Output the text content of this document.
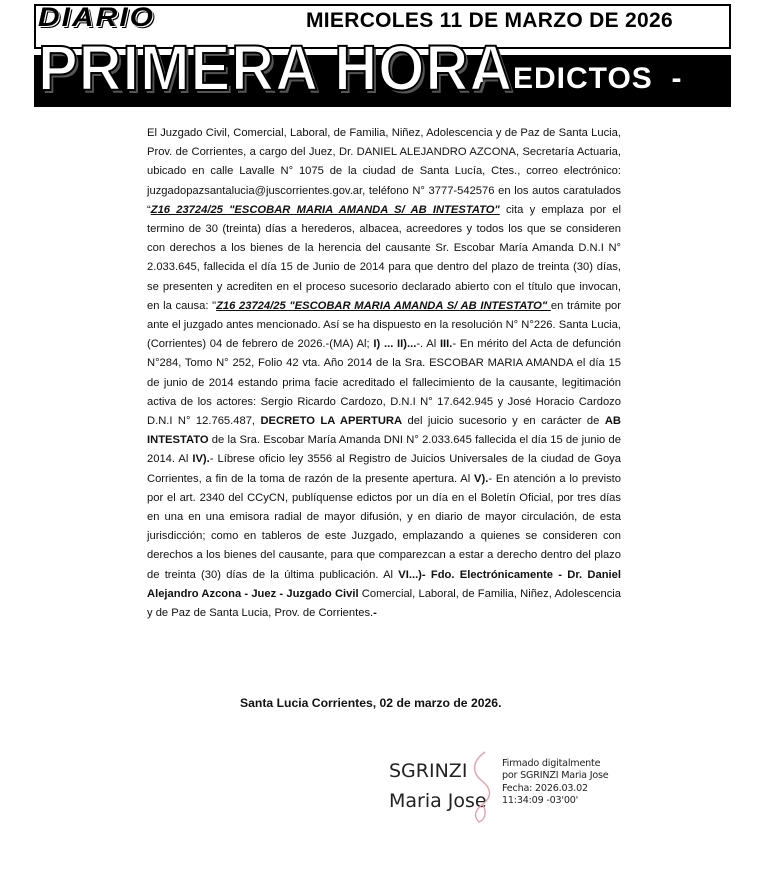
DIARIO
PRIMERA HORA
MIERCOLES 11 DE MARZO DE 2026
-   EDICTOS  -

El Juzgado Civil, Comercial, Laboral, de Familia, Niñez, Adolescencia y de Paz de Santa Lucia, Prov. de Corrientes, a cargo del Juez, Dr. DANIEL ALEJANDRO AZCONA, Secretaría Actuaria, ubicado en calle Lavalle N° 1075 de la ciudad de Santa Lucía, Ctes., correo electrónico: juzgadopazsantalucia@juscorrientes.gov.ar, teléfono N° 3777-542576 en los autos caratulados “Z16 23724/25 "ESCOBAR MARIA AMANDA S/ AB INTESTATO" cita y emplaza por el termino de 30 (treinta) días a herederos, albacea, acreedores y todos los que se consideren con derechos a los bienes de la herencia del causante Sr. Escobar María Amanda D.N.I N° 2.033.645, fallecida el día 15 de Junio de 2014 para que dentro del plazo de treinta (30) días, se presenten y acrediten en el proceso sucesorio declarado abierto con el título que invocan, en la causa: "Z16 23724/25 "ESCOBAR MARIA AMANDA S/ AB INTESTATO" en trámite por ante el juzgado antes mencionado. Así se ha dispuesto en la resolución N° N°226. Santa Lucia, (Corrientes) 04 de febrero de 2026.-(MA) Al; I) ... II)...-. Al III.- En mérito del Acta de defunción N°284, Tomo N° 252, Folio 42 vta. Año 2014 de la Sra. ESCOBAR MARIA AMANDA el día 15 de junio de 2014 estando prima facie acreditado el fallecimiento de la causante, legitimación activa de los actores: Sergio Ricardo Cardozo, D.N.I N° 17.642.945 y José Horacio Cardozo D.N.I N° 12.765.487, DECRETO LA APERTURA del juicio sucesorio y en carácter de AB INTESTATO de la Sra. Escobar María Amanda DNI N° 2.033.645 fallecida el día 15 de junio de 2014. Al IV).- Líbrese oficio ley 3556 al Registro de Juicios Universales de la ciudad de Goya Corrientes, a fin de la toma de razón de la presente apertura. Al V).- En atención a lo previsto por el art. 2340 del CCyCN, publíquense edictos por un día en el Boletín Oficial, por tres días en una en una emisora radial de mayor difusión, y en diario de mayor circulación, de esta jurisdicción; como en tableros de este Juzgado, emplazando a quienes se consideren con derechos a los bienes del causante, para que comparezcan a estar a derecho dentro del plazo de treinta (30) días de la última publicación. Al VI...)- Fdo. Electrónicamente - Dr. Daniel Alejandro Azcona - Juez - Juzgado Civil Comercial, Laboral, de Familia, Niñez, Adolescencia y de Paz de Santa Lucia, Prov. de Corrientes.-

Santa Lucia Corrientes, 02 de marzo de 2026.
SGRINZI
Maria Jose
Firmado digitalmente
por SGRINZI Maria Jose
Fecha: 2026.03.02
11:34:09 -03'00'
